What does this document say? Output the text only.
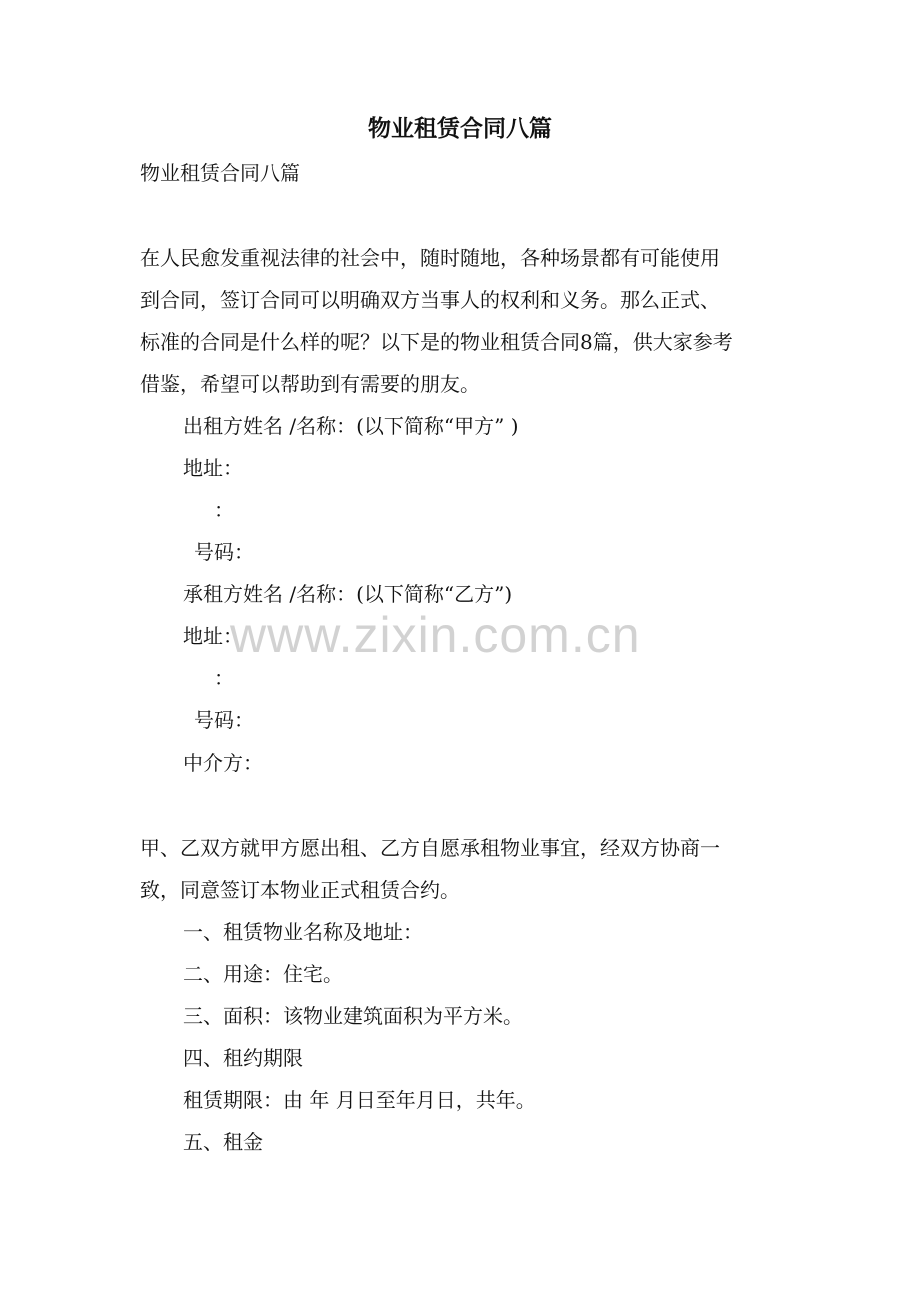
物业租赁合同八篇
物业租赁合同八篇
在人民愈发重视法律的社会中，随时随地，各种场景都有可能使用
到合同，签订合同可以明确双方当事人的权利和义务。那么正式、
标准的合同是什么样的呢？以下是的物业租赁合同8篇，供大家参考
借鉴，希望可以帮助到有需要的朋友。
出租方姓名 /名称：(以下简称“甲方” )
地址：
：
号码：
承租方姓名 /名称：(以下简称“乙方”)
地址：
：
号码：
中介方：
甲、乙双方就甲方愿出租、乙方自愿承租物业事宜，经双方协商一
致，同意签订本物业正式租赁合约。
一、租赁物业名称及地址：
二、用途：住宅。
三、面积：该物业建筑面积为平方米。
四、租约期限
租赁期限：由 年 月日至年月日，共年。
五、租金
www.zixin.com.cn
